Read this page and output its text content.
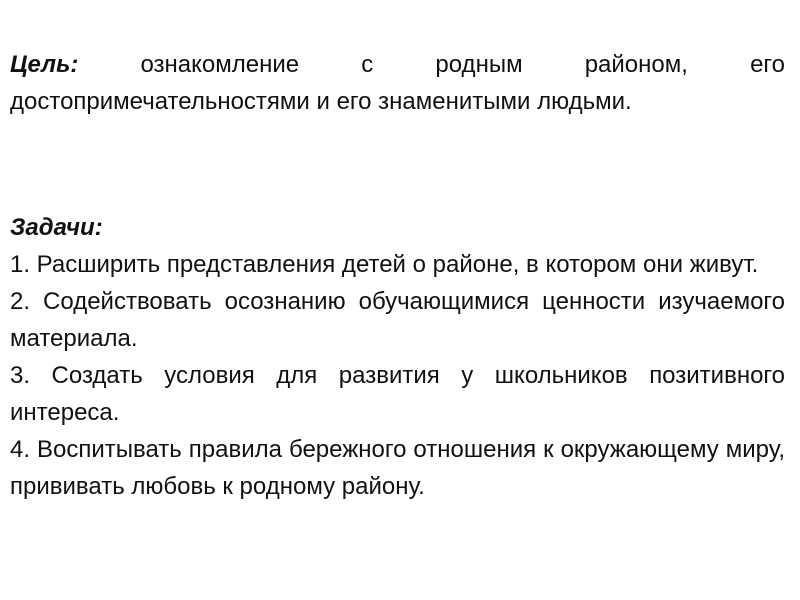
Цель:	ознакомление с родным районом, его достопримечательностями и его знаменитыми людьми.

Задачи:
1. Расширить представления детей о районе, в котором они живут.
2. Содействовать осознанию обучающимися ценности изучаемого материала.
3. Создать условия для развития у школьников позитивного интереса.
4. Воспитывать правила бережного отношения к окружающему миру, прививать любовь к родному району.
